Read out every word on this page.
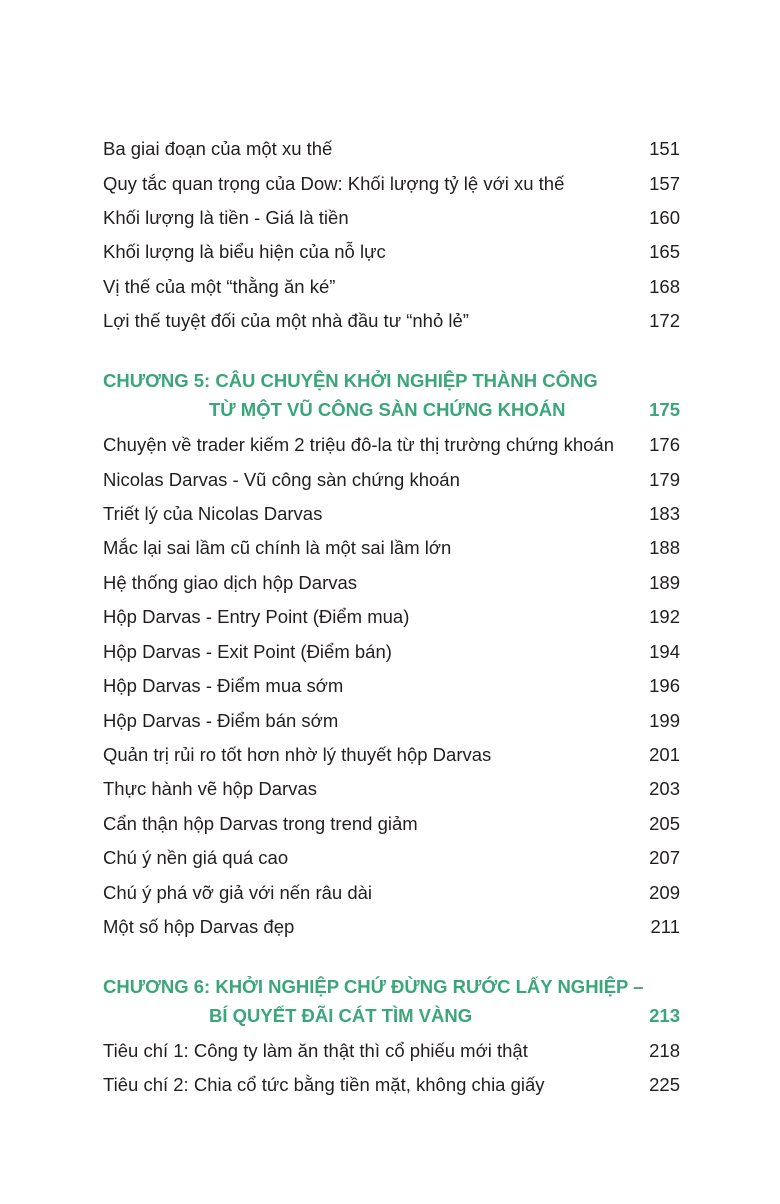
Ba giai đoạn của một xu thế	151
Quy tắc quan trọng của Dow: Khối lượng tỷ lệ với xu thế	157
Khối lượng là tiền - Giá là tiền	160
Khối lượng là biểu hiện của nỗ lực	165
Vị thế của một “thằng ăn ké”	168
Lợi thế tuyệt đối của một nhà đầu tư “nhỏ lẻ”	172
CHƯƠNG 5: CÂU CHUYỆN KHỞI NGHIỆP THÀNH CÔNG
TỪ MỘT VŨ CÔNG SÀN CHỨNG KHOÁN	175
Chuyện về trader kiếm 2 triệu đô-la từ thị trường chứng khoán 176
Nicolas Darvas - Vũ công sàn chứng khoán	179
Triết lý của Nicolas Darvas	183
Mắc lại sai lầm cũ chính là một sai lầm lớn	188
Hệ thống giao dịch hộp Darvas	189
Hộp Darvas - Entry Point (Điểm mua)	192
Hộp Darvas - Exit Point (Điểm bán)	194
Hộp Darvas - Điểm mua sớm	196
Hộp Darvas - Điểm bán sớm	199
Quản trị rủi ro tốt hơn nhờ lý thuyết hộp Darvas	201
Thực hành vẽ hộp Darvas	203
Cẩn thận hộp Darvas trong trend giảm	205
Chú ý nền giá quá cao	207
Chú ý phá vỡ giả với nến râu dài	209
Một số hộp Darvas đẹp	211
CHƯƠNG 6: KHỞI NGHIỆP CHỨ ĐỪNG RƯỚC LẤY NGHIỆP –
BÍ QUYẾT ĐÃI CÁT TÌM VÀNG	213
Tiêu chí 1: Công ty làm ăn thật thì cổ phiếu mới thật	218
Tiêu chí 2: Chia cổ tức bằng tiền mặt, không chia giấy	225
